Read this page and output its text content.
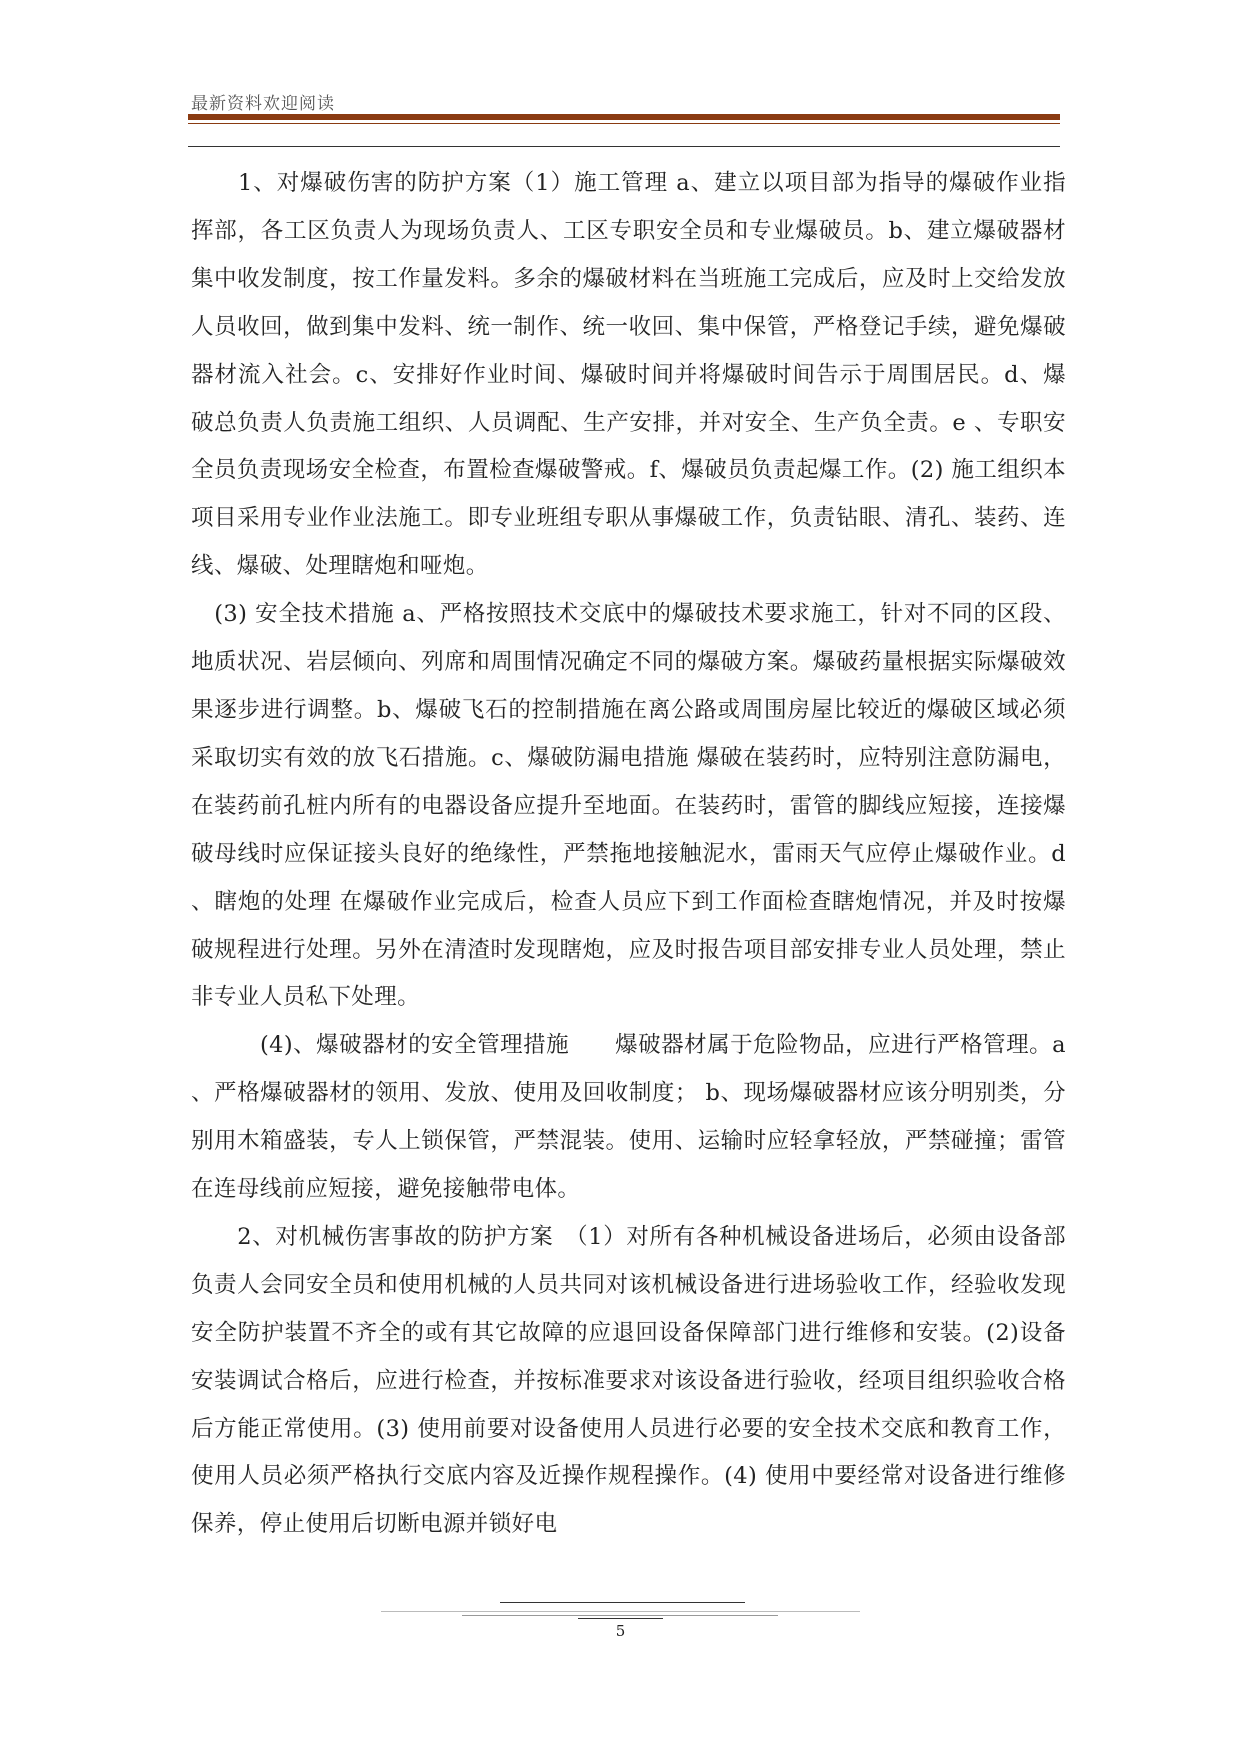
最新资料欢迎阅读

　　1、对爆破伤害的防护方案（1）施工管理 a、建立以项目部为指导的爆破作业指挥部，各工区负责人为现场负责人、工区专职安全员和专业爆破员。b、建立爆破器材集中收发制度，按工作量发料。多余的爆破材料在当班施工完成后，应及时上交给发放人员收回，做到集中发料、统一制作、统一收回、集中保管，严格登记手续，避免爆破器材流入社会。c、安排好作业时间、爆破时间并将爆破时间告示于周围居民。d、爆破总负责人负责施工组织、人员调配、生产安排，并对安全、生产负全责。e 、专职安全员负责现场安全检查，布置检查爆破警戒。f、爆破员负责起爆工作。(2) 施工组织本项目采用专业作业法施工。即专业班组专职从事爆破工作，负责钻眼、清孔、装药、连线、爆破、处理瞎炮和哑炮。

　(3) 安全技术措施 a、严格按照技术交底中的爆破技术要求施工，针对不同的区段、地质状况、岩层倾向、列席和周围情况确定不同的爆破方案。爆破药量根据实际爆破效果逐步进行调整。b、爆破飞石的控制措施在离公路或周围房屋比较近的爆破区域必须采取切实有效的放飞石措施。c、爆破防漏电措施 爆破在装药时，应特别注意防漏电，在装药前孔桩内所有的电器设备应提升至地面。在装药时，雷管的脚线应短接，连接爆破母线时应保证接头良好的绝缘性，严禁拖地接触泥水，雷雨天气应停止爆破作业。d 、瞎炮的处理 在爆破作业完成后，检查人员应下到工作面检查瞎炮情况，并及时按爆破规程进行处理。另外在清渣时发现瞎炮，应及时报告项目部安排专业人员处理，禁止非专业人员私下处理。

　　　(4)、爆破器材的安全管理措施　　爆破器材属于危险物品，应进行严格管理。a 、严格爆破器材的领用、发放、使用及回收制度； b、现场爆破器材应该分明别类，分别用木箱盛装，专人上锁保管，严禁混装。使用、运输时应轻拿轻放，严禁碰撞；雷管在连母线前应短接，避免接触带电体。

　　2、对机械伤害事故的防护方案　（1）对所有各种机械设备进场后，必须由设备部负责人会同安全员和使用机械的人员共同对该机械设备进行进场验收工作，经验收发现安全防护装置不齐全的或有其它故障的应退回设备保障部门进行维修和安装。(2)设备安装调试合格后，应进行检查，并按标准要求对该设备进行验收，经项目组织验收合格后方能正常使用。(3) 使用前要对设备使用人员进行必要的安全技术交底和教育工作，使用人员必须严格执行交底内容及近操作规程操作。(4) 使用中要经常对设备进行维修保养，停止使用后切断电源并锁好电

5
